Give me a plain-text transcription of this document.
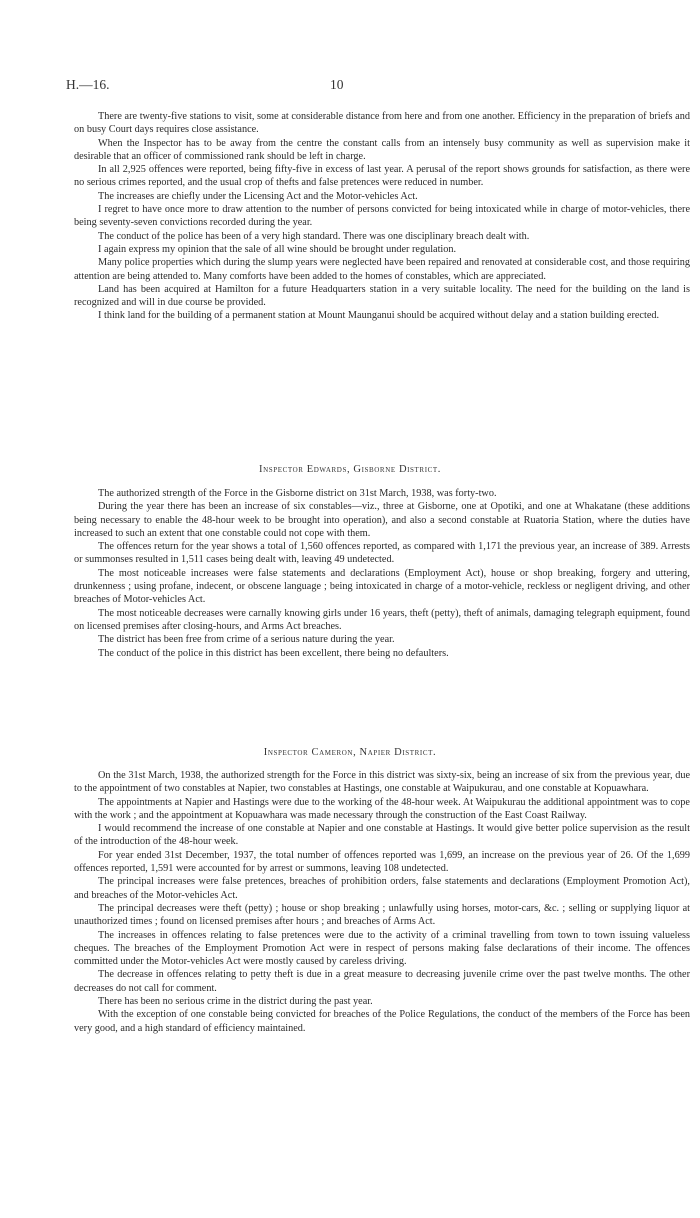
H.—16.	10

There are twenty-five stations to visit, some at considerable distance from here and from one another. Efficiency in the preparation of briefs and on busy Court days requires close assistance.

When the Inspector has to be away from the centre the constant calls from an intensely busy community as well as supervision make it desirable that an officer of commissioned rank should be left in charge.

In all 2,925 offences were reported, being fifty-five in excess of last year. A perusal of the report shows grounds for satisfaction, as there were no serious crimes reported, and the usual crop of thefts and false pretences were reduced in number.

The increases are chiefly under the Licensing Act and the Motor-vehicles Act.

I regret to have once more to draw attention to the number of persons convicted for being intoxicated while in charge of motor-vehicles, there being seventy-seven convictions recorded during the year.

The conduct of the police has been of a very high standard. There was one disciplinary breach dealt with.

I again express my opinion that the sale of all wine should be brought under regulation.

Many police properties which during the slump years were neglected have been repaired and renovated at considerable cost, and those requiring attention are being attended to. Many comforts have been added to the homes of constables, which are appreciated.

Land has been acquired at Hamilton for a future Headquarters station in a very suitable locality. The need for the building on the land is recognized and will in due course be provided.

I think land for the building of a permanent station at Mount Maunganui should be acquired without delay and a station building erected.

Inspector Edwards, Gisborne District.

The authorized strength of the Force in the Gisborne district on 31st March, 1938, was forty-two.

During the year there has been an increase of six constables—viz., three at Gisborne, one at Opotiki, and one at Whakatane (these additions being necessary to enable the 48-hour week to be brought into operation), and also a second constable at Ruatoria Station, where the duties have increased to such an extent that one constable could not cope with them.

The offences return for the year shows a total of 1,560 offences reported, as compared with 1,171 the previous year, an increase of 389. Arrests or summonses resulted in 1,511 cases being dealt with, leaving 49 undetected.

The most noticeable increases were false statements and declarations (Employment Act), house or shop breaking, forgery and uttering, drunkenness ; using profane, indecent, or obscene language ; being intoxicated in charge of a motor-vehicle, reckless or negligent driving, and other breaches of Motor-vehicles Act.

The most noticeable decreases were carnally knowing girls under 16 years, theft (petty), theft of animals, damaging telegraph equipment, found on licensed premises after closing-hours, and Arms Act breaches.

The district has been free from crime of a serious nature during the year.

The conduct of the police in this district has been excellent, there being no defaulters.

Inspector Cameron, Napier District.

On the 31st March, 1938, the authorized strength for the Force in this district was sixty-six, being an increase of six from the previous year, due to the appointment of two constables at Napier, two constables at Hastings, one constable at Waipukurau, and one constable at Kopuawhara.

The appointments at Napier and Hastings were due to the working of the 48-hour week. At Waipukurau the additional appointment was to cope with the work ; and the appointment at Kopuawhara was made necessary through the construction of the East Coast Railway.

I would recommend the increase of one constable at Napier and one constable at Hastings. It would give better police supervision as the result of the introduction of the 48-hour week.

For year ended 31st December, 1937, the total number of offences reported was 1,699, an increase on the previous year of 26. Of the 1,699 offences reported, 1,591 were accounted for by arrest or summons, leaving 108 undetected.

The principal increases were false pretences, breaches of prohibition orders, false statements and declarations (Employment Promotion Act), and breaches of the Motor-vehicles Act.

The principal decreases were theft (petty) ; house or shop breaking ; unlawfully using horses, motor-cars, &c. ; selling or supplying liquor at unauthorized times ; found on licensed premises after hours ; and breaches of Arms Act.

The increases in offences relating to false pretences were due to the activity of a criminal travelling from town to town issuing valueless cheques. The breaches of the Employment Promotion Act were in respect of persons making false declarations of their income. The offences committed under the Motor-vehicles Act were mostly caused by careless driving.

The decrease in offences relating to petty theft is due in a great measure to decreasing juvenile crime over the past twelve months. The other decreases do not call for comment.

There has been no serious crime in the district during the past year.

With the exception of one constable being convicted for breaches of the Police Regulations, the conduct of the members of the Force has been very good, and a high standard of efficiency maintained.
